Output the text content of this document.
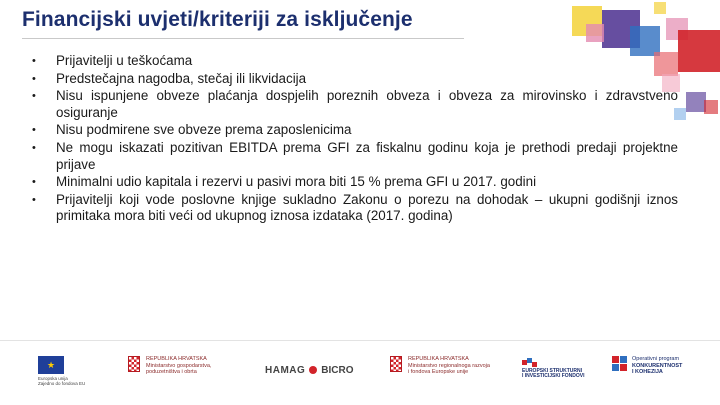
Financijski uvjeti/kriteriji za isključenje
• Prijavitelji u teškoćama
• Predstečajna nagodba, stečaj ili likvidacija
• Nisu ispunjene obveze plaćanja dospjelih poreznih obveza i obveza za mirovinsko i zdravstveno osiguranje
• Nisu podmirene sve obveze prema zaposlenicima
• Ne mogu iskazati pozitivan EBITDA prema GFI za fiskalnu godinu koja je prethodi predaji projektne prijave
• Minimalni udio kapitala i rezervi u pasivi mora biti 15 % prema GFI u 2017. godini
• Prijavitelji koji vode poslovne knjige sukladno Zakonu o porezu na dohodak – ukupni godišnji iznos primitaka mora biti veći od ukupnog iznosa izdataka (2017. godina)
★
Europska unija
Zajedno do fondova EU
REPUBLIKA HRVATSKA
Ministarstvo gospodarstva,
poduzetništva i obrta	HAMAG BICRO
REPUBLIKA HRVATSKA
Ministarstvo regionalnoga razvoja
i fondova Europske unije	EUROPSKI STRUKTURNI
I INVESTICIJSKI FONDOVI
Operativni program
KONKURENTNOST
I KOHEZIJA
